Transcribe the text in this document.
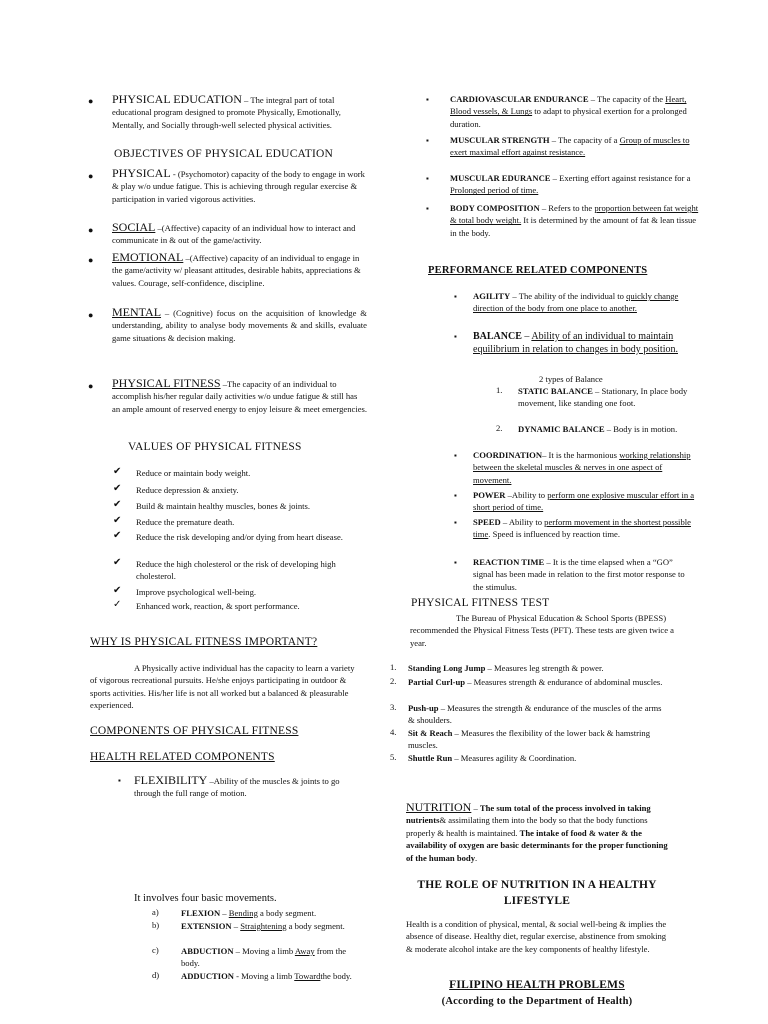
● PHYSICAL EDUCATION – The integral part of total educational program designed to promote Physically, Emotionally, Mentally, and Socially through-well selected physical activities.
OBJECTIVES OF PHYSICAL EDUCATION
● PHYSICAL - (Psychomotor) capacity of the body to engage in work & play w/o undue fatigue. This is achieving through regular exercise & participation in varied vigorous activities.
● SOCIAL –(Affective) capacity of an individual how to interact and communicate in & out of the game/activity.
● EMOTIONAL –(Affective) capacity of an individual to engage in the game/activity w/ pleasant attitudes, desirable habits, appreciations & values. Courage, self-confidence, discipline.
● MENTAL – (Cognitive) focus on the acquisition of knowledge & understanding, ability to analyse body movements & and skills, evaluate game situations & decision making.
● PHYSICAL FITNESS –The capacity of an individual to accomplish his/her regular daily activities w/o undue fatigue & still has an ample amount of reserved energy to enjoy leisure & meet emergencies.
VALUES OF PHYSICAL FITNESS
✔ Reduce or maintain body weight.
✔ Reduce depression & anxiety.
✔ Build & maintain healthy muscles, bones & joints.
✔ Reduce the premature death.
✔ Reduce the risk developing and/or dying from heart disease.
✔ Reduce the high cholesterol or the risk of developing high cholesterol.
✔ Improve psychological well-being.
✓ Enhanced work, reaction, & sport performance.
WHY IS PHYSICAL FITNESS IMPORTANT?
A Physically active individual has the capacity to learn a variety of vigorous recreational pursuits. He/she enjoys participating in outdoor & sports activities. His/her life is not all worked but a balanced & pleasurable experienced.
COMPONENTS OF PHYSICAL FITNESS
HEALTH RELATED COMPONENTS
▪ FLEXIBILITY –Ability of the muscles & joints to go through the full range of motion.
It involves four basic movements.
a)	FLEXION – Bending a body segment.
b)	EXTENSION – Straightening a body segment.
c)	ABDUCTION – Moving a limb Away from the body.
d)	ADDUCTION - Moving a limb Towardthe body.
▪ CARDIOVASCULAR ENDURANCE – The capacity of the Heart, Blood vessels, & Lungs to adapt to physical exertion for a prolonged duration.
▪ MUSCULAR STRENGTH – The capacity of a Group of muscles to exert maximal effort against resistance.
▪ MUSCULAR EDURANCE – Exerting effort against resistance for a Prolonged period of time.
▪ BODY COMPOSITION – Refers to the proportion between fat weight & total body weight. It is determined by the amount of fat & lean tissue in the body.
PERFORMANCE RELATED COMPONENTS
▪ AGILITY – The ability of the individual to quickly change direction of the body from one place to another.
▪ BALANCE – Ability of an individual to maintain equilibrium in relation to changes in body position.
2 types of Balance
1. STATIC BALANCE – Stationary, In place body movement, like standing one foot.
2. DYNAMIC BALANCE – Body is in motion.
▪ COORDINATION– It is the harmonious working relationship between the skeletal muscles & nerves in one aspect of movement.
▪ POWER –Ability to perform one explosive muscular effort in a short period of time.
▪ SPEED – Ability to perform movement in the shortest possible time. Speed is influenced by reaction time.
▪ REACTION TIME – It is the time elapsed when a “GO” signal has been made in relation to the first motor response to the stimulus.
PHYSICAL FITNESS TEST
The Bureau of Physical Education & School Sports (BPESS) recommended the Physical Fitness Tests (PFT). These tests are given twice a year.
1. Standing Long Jump – Measures leg strength & power.
2. Partial Curl-up – Measures strength & endurance of abdominal muscles.
3. Push-up – Measures the strength & endurance of the muscles of the arms & shoulders.
4. Sit & Reach – Measures the flexibility of the lower back & hamstring muscles.
5. Shuttle Run – Measures agility & Coordination.
NUTRITION – The sum total of the process involved in taking nutrients& assimilating them into the body so that the body functions properly & health is maintained. The intake of food & water & the availability of oxygen are basic determinants for the proper functioning of the human body.
THE ROLE OF NUTRITION IN A HEALTHY LIFESTYLE
Health is a condition of physical, mental, & social well-being & implies the absence of disease. Healthy diet, regular exercise, abstinence from smoking & moderate alcohol intake are the key components of healthy lifestyle.
FILIPINO HEALTH PROBLEMS
(According to the Department of Health)
